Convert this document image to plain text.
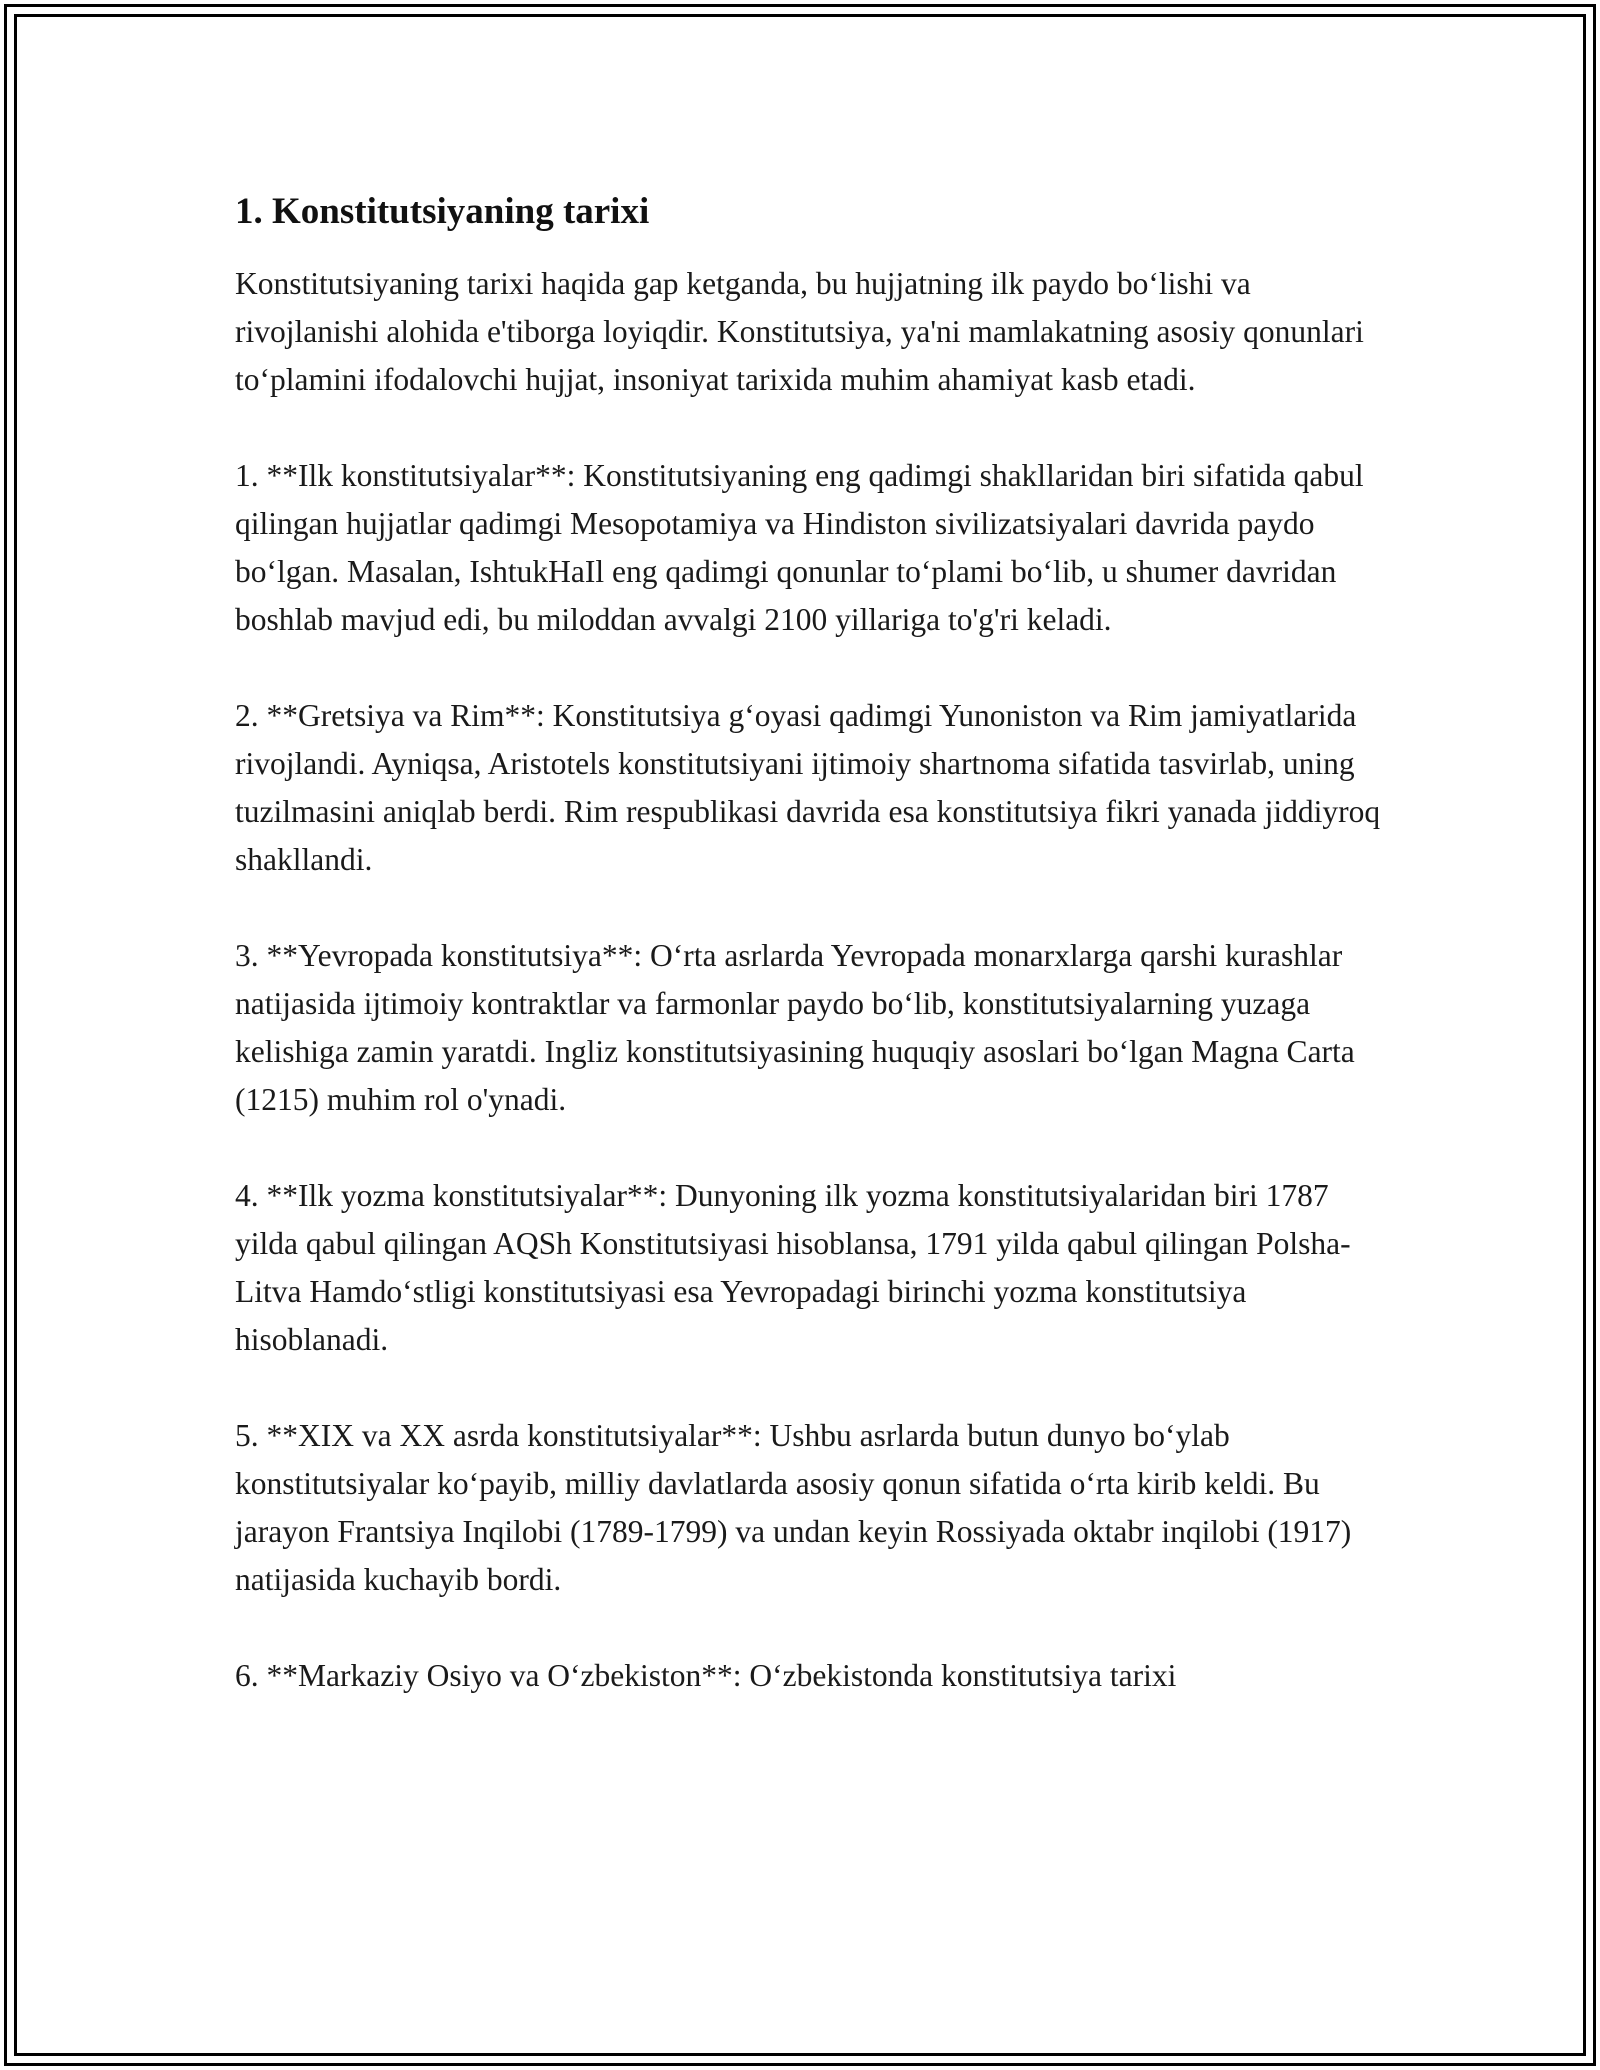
1. Konstitutsiyaning tarixi

Konstitutsiyaning tarixi haqida gap ketganda, bu hujjatning ilk paydo bo‘lishi va rivojlanishi alohida e'tiborga loyiqdir. Konstitutsiya, ya'ni mamlakatning asosiy qonunlari to‘plamini ifodalovchi hujjat, insoniyat tarixida muhim ahamiyat kasb etadi.

1. **Ilk konstitutsiyalar**: Konstitutsiyaning eng qadimgi shakllaridan biri sifatida qabul qilingan hujjatlar qadimgi Mesopotamiya va Hindiston sivilizatsiyalari davrida paydo bo‘lgan. Masalan, IshtukHaIl eng qadimgi qonunlar to‘plami bo‘lib, u shumer davridan boshlab mavjud edi, bu miloddan avvalgi 2100 yillariga to'g'ri keladi.

2. **Gretsiya va Rim**: Konstitutsiya g‘oyasi qadimgi Yunoniston va Rim jamiyatlarida rivojlandi. Ayniqsa, Aristotels konstitutsiyani ijtimoiy shartnoma sifatida tasvirlab, uning tuzilmasini aniqlab berdi. Rim respublikasi davrida esa konstitutsiya fikri yanada jiddiyroq shakllandi.

3. **Yevropada konstitutsiya**: O‘rta asrlarda Yevropada monarxlarga qarshi kurashlar natijasida ijtimoiy kontraktlar va farmonlar paydo bo‘lib, konstitutsiyalarning yuzaga kelishiga zamin yaratdi. Ingliz konstitutsiyasining huquqiy asoslari bo‘lgan Magna Carta (1215) muhim rol o'ynadi.

4. **Ilk yozma konstitutsiyalar**: Dunyoning ilk yozma konstitutsiyalaridan biri 1787 yilda qabul qilingan AQSh Konstitutsiyasi hisoblansa, 1791 yilda qabul qilingan Polsha-Litva Hamdo‘stligi konstitutsiyasi esa Yevropadagi birinchi yozma konstitutsiya hisoblanadi.

5. **XIX va XX asrda konstitutsiyalar**: Ushbu asrlarda butun dunyo bo‘ylab konstitutsiyalar ko‘payib, milliy davlatlarda asosiy qonun sifatida o‘rta kirib keldi. Bu jarayon Frantsiya Inqilobi (1789-1799) va undan keyin Rossiyada oktabr inqilobi (1917) natijasida kuchayib bordi.

6. **Markaziy Osiyo va O‘zbekiston**: O‘zbekistonda konstitutsiya tarixi
